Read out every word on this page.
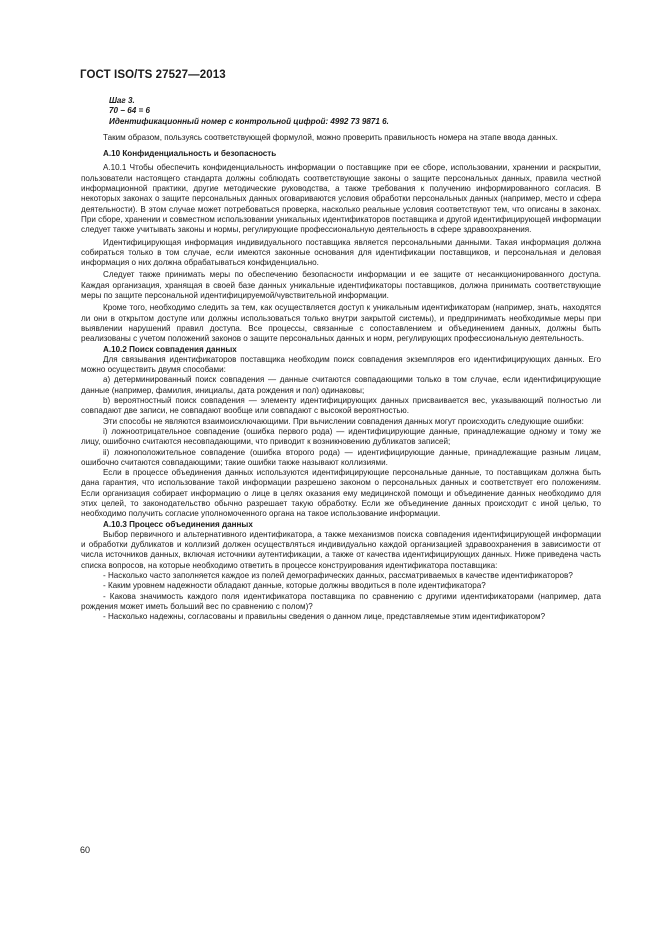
ГОСТ ISO/TS 27527—2013

Шаг 3.

70 − 64 = 6

Идентификационный номер с контрольной цифрой: 4992 73 9871 6.

Таким образом, пользуясь соответствующей формулой, можно проверить правильность номера на этапе ввода данных.

А.10 Конфиденциальность и безопасность

А.10.1 Чтобы обеспечить конфиденциальность информации о поставщике при ее сборе, использовании, хранении и раскрытии, пользователи настоящего стандарта должны соблюдать соответствующие законы о защите персональных данных, правила честной информационной практики, другие методические руководства, а также требования к получению информированного согласия. В некоторых законах о защите персональных данных оговариваются условия обработки персональных данных (например, место и сфера деятельности). В этом случае может потребоваться проверка, насколько реальные условия соответствуют тем, что описаны в законах. При сборе, хранении и совместном использовании уникальных идентификаторов поставщика и другой идентифицирующей информации следует также учитывать законы и нормы, регулирующие профессиональную деятельность в сфере здравоохранения.

Идентифицирующая информация индивидуального поставщика является персональными данными. Такая информация должна собираться только в том случае, если имеются законные основания для идентификации поставщиков, и персональная и деловая информация о них должна обрабатываться конфиденциально.

Следует также принимать меры по обеспечению безопасности информации и ее защите от несанкционированного доступа. Каждая организация, хранящая в своей базе данных уникальные идентификаторы поставщиков, должна принимать соответствующие меры по защите персональной идентифицируемой/чувствительной информации.

Кроме того, необходимо следить за тем, как осуществляется доступ к уникальным идентификаторам (например, знать, находятся ли они в открытом доступе или должны использоваться только внутри закрытой системы), и предпринимать необходимые меры при выявлении нарушений правил доступа. Все процессы, связанные с сопоставлением и объединением данных, должны быть реализованы с учетом положений законов о защите персональных данных и норм, регулирующих профессиональную деятельность.

А.10.2 Поиск совпадения данных

Для связывания идентификаторов поставщика необходим поиск совпадения экземпляров его идентифицирующих данных. Его можно осуществить двумя способами:

а) детерминированный поиск совпадения — данные считаются совпадающими только в том случае, если идентифицирующие данные (например, фамилия, инициалы, дата рождения и пол) одинаковы;

b) вероятностный поиск совпадения — элементу идентифицирующих данных присваивается вес, указывающий полностью ли совпадают две записи, не совпадают вообще или совпадают с высокой вероятностью.

Эти способы не являются взаимоисключающими. При вычислении совпадения данных могут происходить следующие ошибки:

i) ложноотрицательное совпадение (ошибка первого рода) — идентифицирующие данные, принадлежащие одному и тому же лицу, ошибочно считаются несовпадающими, что приводит к возникновению дубликатов записей;

ii) ложноположительное совпадение (ошибка второго рода) — идентифицирующие данные, принадлежащие разным лицам, ошибочно считаются совпадающими; такие ошибки также называют коллизиями.

Если в процессе объединения данных используются идентифицирующие персональные данные, то поставщикам должна быть дана гарантия, что использование такой информации разрешено законом о персональных данных и соответствует его положениям. Если организация собирает информацию о лице в целях оказания ему медицинской помощи и объединение данных необходимо для этих целей, то законодательство обычно разрешает такую обработку. Если же объединение данных происходит с иной целью, то необходимо получить согласие уполномоченного органа на такое использование информации.

А.10.3 Процесс объединения данных

Выбор первичного и альтернативного идентификатора, а также механизмов поиска совпадения идентифицирующей информации и обработки дубликатов и коллизий должен осуществляться индивидуально каждой организацией здравоохранения в зависимости от числа источников данных, включая источники аутентификации, а также от качества идентифицирующих данных. Ниже приведена часть списка вопросов, на которые необходимо ответить в процессе конструирования идентификатора поставщика:

- Насколько часто заполняется каждое из полей демографических данных, рассматриваемых в качестве идентификаторов?

- Каким уровнем надежности обладают данные, которые должны вводиться в поле идентификатора?

- Какова значимость каждого поля идентификатора поставщика по сравнению с другими идентификаторами (например, дата рождения может иметь больший вес по сравнению с полом)?

- Насколько надежны, согласованы и правильны сведения о данном лице, представляемые этим идентификатором?

60
